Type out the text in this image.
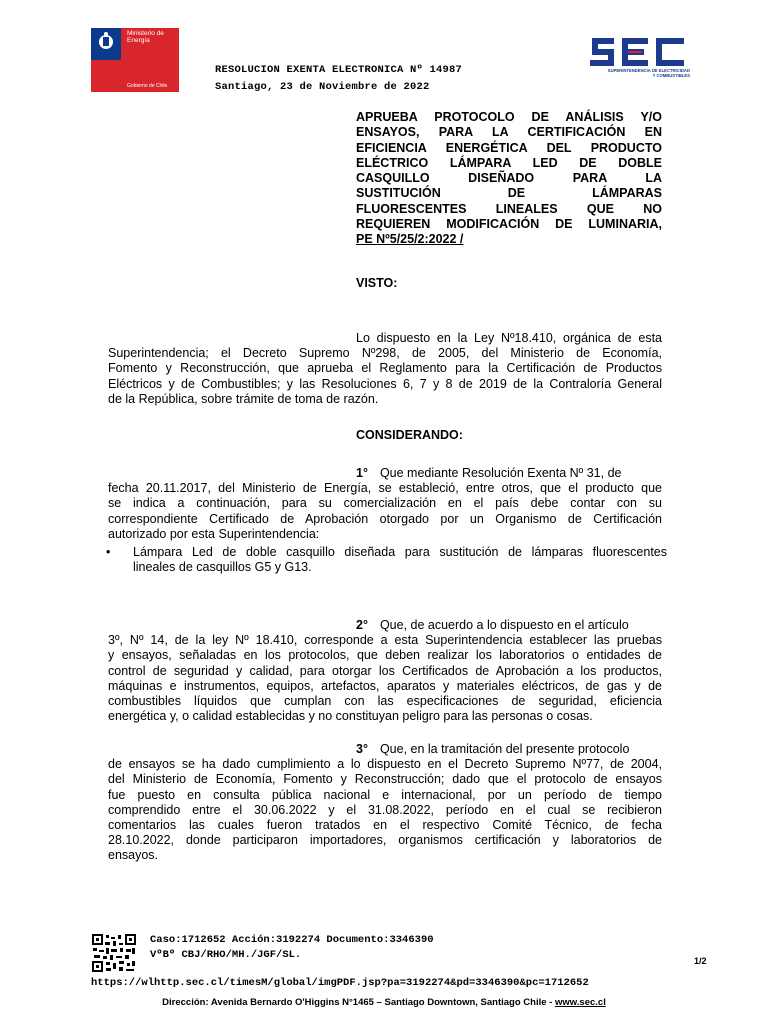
Ministerio de
Energía
Gobierno de Chile
SUPERINTENDENCIA DE ELECTRICIDAD
Y COMBUSTIBLES
RESOLUCION EXENTA ELECTRONICA Nº 14987
Santiago, 23 de Noviembre de 2022
APRUEBA PROTOCOLO DE ANÁLISIS Y/O
ENSAYOS, PARA LA CERTIFICACIÓN EN
EFICIENCIA ENERGÉTICA DEL PRODUCTO
ELÉCTRICO LÁMPARA LED DE DOBLE
CASQUILLO DISEÑADO PARA LA
SUSTITUCIÓN DE LÁMPARAS
FLUORESCENTES LINEALES QUE NO
REQUIEREN MODIFICACIÓN DE LUMINARIA,
PE Nº5/25/2:2022 /
VISTO:
Lo dispuesto en la Ley Nº18.410, orgánica de esta
Superintendencia; el Decreto Supremo Nº298, de 2005, del Ministerio de Economía,
Fomento y Reconstrucción, que aprueba el Reglamento para la Certificación de Productos
Eléctricos y de Combustibles; y las Resoluciones 6, 7 y 8 de 2019 de la Contraloría General
de la República, sobre trámite de toma de razón.
CONSIDERANDO:
1° Que mediante Resolución Exenta Nº 31, de
fecha 20.11.2017, del Ministerio de Energía, se estableció, entre otros, que el producto que
se indica a continuación, para su comercialización en el país debe contar con su
correspondiente Certificado de Aprobación otorgado por un Organismo de Certificación
autorizado por esta Superintendencia:
• Lámpara Led de doble casquillo diseñada para sustitución de lámparas fluorescentes
lineales de casquillos G5 y G13.
2° Que, de acuerdo a lo dispuesto en el artículo
3º, Nº 14, de la ley Nº 18.410, corresponde a esta Superintendencia establecer las pruebas
y ensayos, señaladas en los protocolos, que deben realizar los laboratorios o entidades de
control de seguridad y calidad, para otorgar los Certificados de Aprobación a los productos,
máquinas e instrumentos, equipos, artefactos, aparatos y materiales eléctricos, de gas y de
combustibles líquidos que cumplan con las especificaciones de seguridad, eficiencia
energética y, o calidad establecidas y no constituyan peligro para las personas o cosas.
3° Que, en la tramitación del presente protocolo
de ensayos se ha dado cumplimiento a lo dispuesto en el Decreto Supremo Nº77, de 2004,
del Ministerio de Economía, Fomento y Reconstrucción; dado que el protocolo de ensayos
fue puesto en consulta pública nacional e internacional, por un período de tiempo
comprendido entre el 30.06.2022 y el 31.08.2022, período en el cual se recibieron
comentarios las cuales fueron tratados en el respectivo Comité Técnico, de fecha
28.10.2022, donde participaron importadores, organismos certificación y laboratorios de
ensayos.
Caso:1712652 Acción:3192274 Documento:3346390
VºBº CBJ/RHO/MH./JGF/SL.	1/2
https://wlhttp.sec.cl/timesM/global/imgPDF.jsp?pa=3192274&pd=3346390&pc=1712652
Dirección: Avenida Bernardo O'Higgins N°1465 – Santiago Downtown, Santiago Chile - www.sec.cl
